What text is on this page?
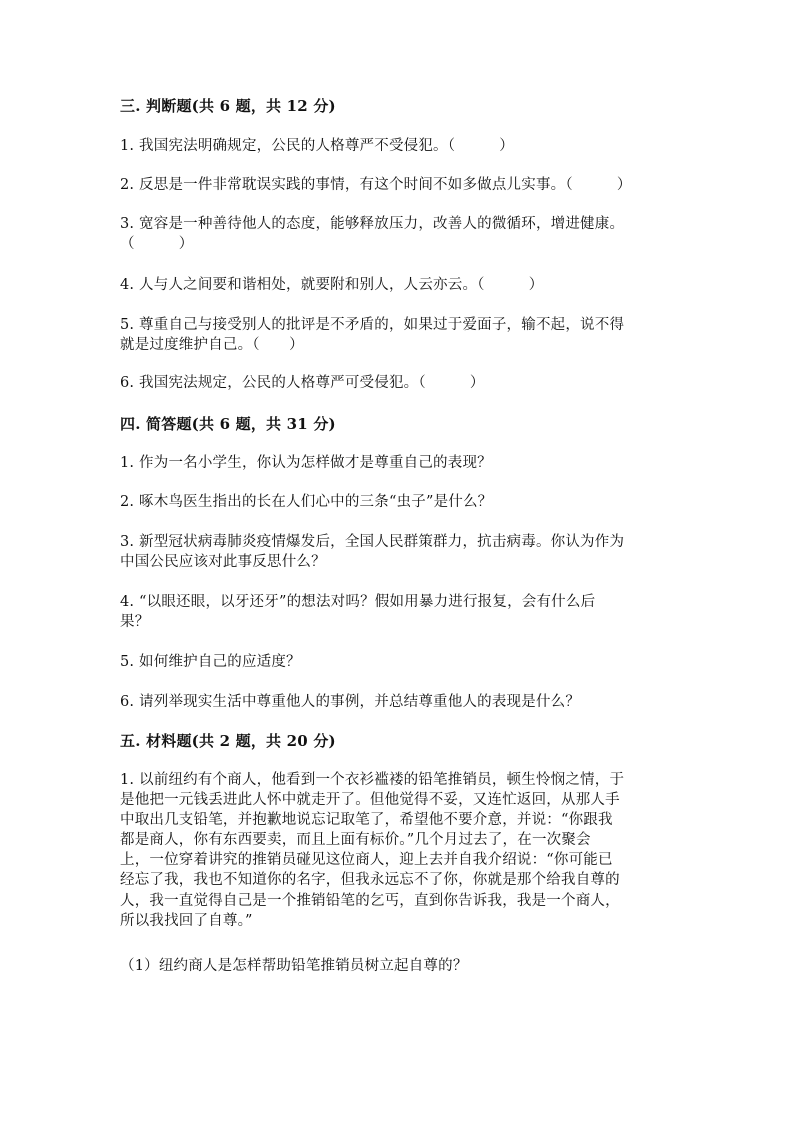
三. 判断题(共 6 题，共 12 分)
1. 我国宪法明确规定，公民的人格尊严不受侵犯。（　　　）
2. 反思是一件非常耽误实践的事情，有这个时间不如多做点儿实事。（　　　）
3. 宽容是一种善待他人的态度，能够释放压力，改善人的微循环，增进健康。
（　　　）
4. 人与人之间要和谐相处，就要附和别人，人云亦云。（　　　）
5. 尊重自己与接受别人的批评是不矛盾的，如果过于爱面子，输不起，说不得
就是过度维护自己。（　　）
6. 我国宪法规定，公民的人格尊严可受侵犯。（　　　）
四. 简答题(共 6 题，共 31 分)
1. 作为一名小学生，你认为怎样做才是尊重自己的表现？
2. 啄木鸟医生指出的长在人们心中的三条“虫子”是什么？
3. 新型冠状病毒肺炎疫情爆发后，全国人民群策群力，抗击病毒。你认为作为
中国公民应该对此事反思什么？
4. “以眼还眼，以牙还牙”的想法对吗？假如用暴力进行报复，会有什么后
果？
5. 如何维护自己的应适度？
6. 请列举现实生活中尊重他人的事例，并总结尊重他人的表现是什么？
五. 材料题(共 2 题，共 20 分)
1. 以前纽约有个商人，他看到一个衣衫褴褛的铅笔推销员，顿生怜悯之情，于
是他把一元钱丢进此人怀中就走开了。但他觉得不妥，又连忙返回，从那人手
中取出几支铅笔，并抱歉地说忘记取笔了，希望他不要介意，并说：“你跟我
都是商人，你有东西要卖，而且上面有标价。”几个月过去了，在一次聚会
上，一位穿着讲究的推销员碰见这位商人，迎上去并自我介绍说：“你可能已
经忘了我，我也不知道你的名字，但我永远忘不了你，你就是那个给我自尊的
人，我一直觉得自己是一个推销铅笔的乞丐，直到你告诉我，我是一个商人，
所以我找回了自尊。”
（1）纽约商人是怎样帮助铅笔推销员树立起自尊的？
